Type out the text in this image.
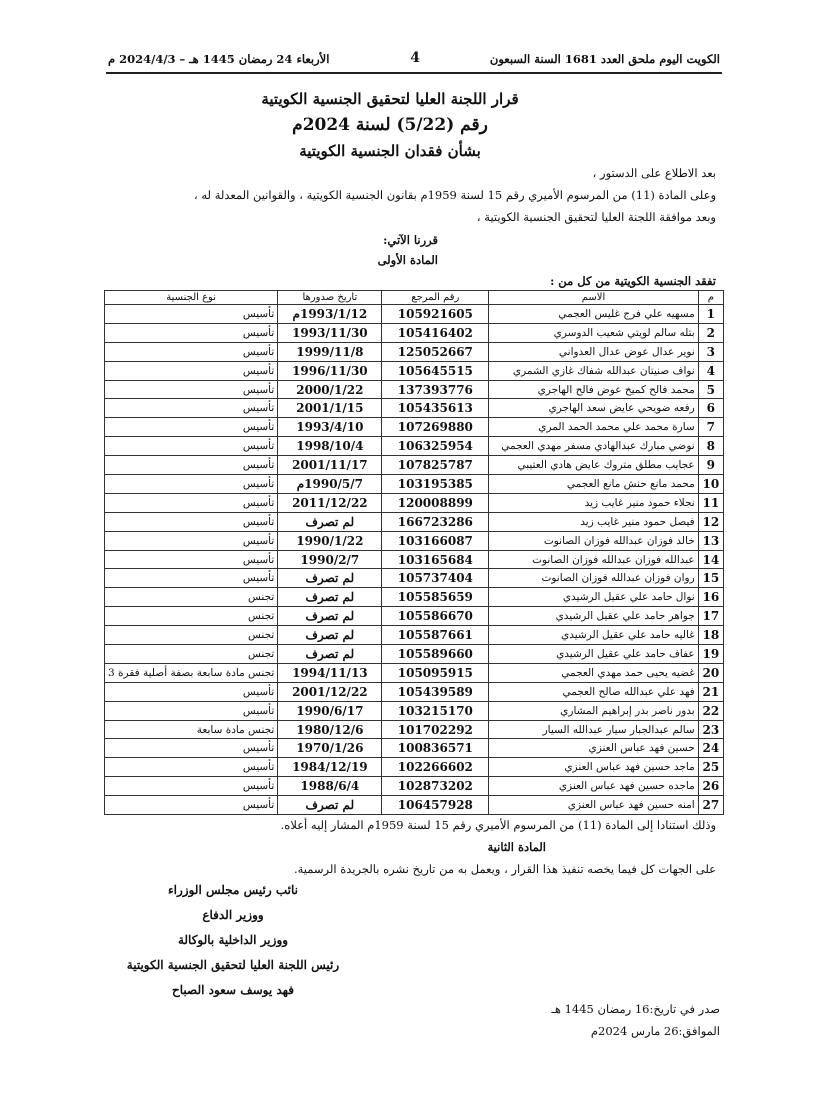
الكويت اليوم ملحق العدد 1681 السنة السبعون
4
الأربعاء 24 رمضان 1445 هـ – 2024/4/3 م
قرار اللجنة العليا لتحقيق الجنسية الكويتية
رقم (5/22) لسنة 2024م
بشأن فقدان الجنسية الكويتية
بعد الاطلاع على الدستور ،
وعلى المادة (11) من المرسوم الأميري رقم 15 لسنة 1959م بقانون الجنسية الكويتية ، والقوانين المعدلة له ،
وبعد موافقة اللجنة العليا لتحقيق الجنسية الكويتية ،
قررنا الآتي:
المادة الأولى
تفقد الجنسية الكويتية من كل من :
م	الاسم	رقم المرجع	تاريخ صدورها	نوع الجنسية
1	مسهيه علي فرج غليس العجمي	105921605	1993/1/12م	تأسيس
2	بتله سالم لويتي شعيب الدوسري	105416402	1993/11/30	تأسيس
3	نوير عدال عوض عدال العدواني	125052667	1999/11/8	تأسيس
4	نواف صنيتان عبدالله شفاك غازي الشمري	105645515	1996/11/30	تأسيس
5	محمد فالح كميخ عوض فالح الهاجري	137393776	2000/1/22	تأسيس
6	رفعه ضويحي عايض سعد الهاجري	105435613	2001/1/15	تأسيس
7	سارة محمد علي محمد الحمد المري	107269880	1993/4/10	تأسيس
8	نوضي مبارك عبدالهادي مسفر مهدي العجمي	106325954	1998/10/4	تأسيس
9	عجايب مطلق متروك عايض هادي العتيبي	107825787	2001/11/17	تأسيس
10	محمد مانع حنش مانع العجمي	103195385	1990/5/7م	تأسيس
11	نجلاء حمود منير غايب زيد	120008899	2011/12/22	تأسيس
12	فيصل حمود منير غايب زيد	166723286	لم تصرف	تأسيس
13	خالد فوزان عبدالله فوزان الصانوت	103166087	1990/1/22	تأسيس
14	عبدالله فوزان عبدالله فوزان الصانوت	103165684	1990/2/7	تأسيس
15	روان فوزان عبدالله فوزان الصانوت	105737404	لم تصرف	تأسيس
16	نوال حامد علي عقيل الرشيدي	105585659	لم تصرف	تجنس
17	جواهر حامد علي عقيل الرشيدي	105586670	لم تصرف	تجنس
18	غاليه حامد علي عقيل الرشيدي	105587661	لم تصرف	تجنس
19	عفاف حامد علي عقيل الرشيدي	105589660	لم تصرف	تجنس
20	غضيه يحيى حمد مهدي العجمي	105095915	1994/11/13	تجنس مادة سابعة بصفة أصلية فقرة 3
21	فهد علي عبدالله صالح العجمي	105439589	2001/12/22	تأسيس
22	بدور ناصر بدر إبراهيم المشاري	103215170	1990/6/17	تأسيس
23	سالم عبدالجبار سيار عبدالله السيار	101702292	1980/12/6	تجنس مادة سابعة
24	حسين فهد عباس العنزي	100836571	1970/1/26	تأسيس
25	ماجد حسين فهد عباس العنزي	102266602	1984/12/19	تأسيس
26	ماجده حسين فهد عباس العنزي	102873202	1988/6/4	تأسيس
27	امنه حسين فهد عباس العنزي	106457928	لم تصرف	تأسيس
وذلك استنادا إلى المادة (11) من المرسوم الأميري رقم 15 لسنة 1959م المشار إليه أعلاه.
المادة الثانية
على الجهات كل فيما يخصه تنفيذ هذا القرار ، ويعمل به من تاريخ نشره بالجريدة الرسمية.
نائب رئيس مجلس الوزراء
ووزير الدفاع
ووزير الداخلية بالوكالة
رئيس اللجنة العليا لتحقيق الجنسية الكويتية
فهد يوسف سعود الصباح
صدر في تاريخ:16 رمضان 1445 هـ
الموافق:26 مارس 2024م
